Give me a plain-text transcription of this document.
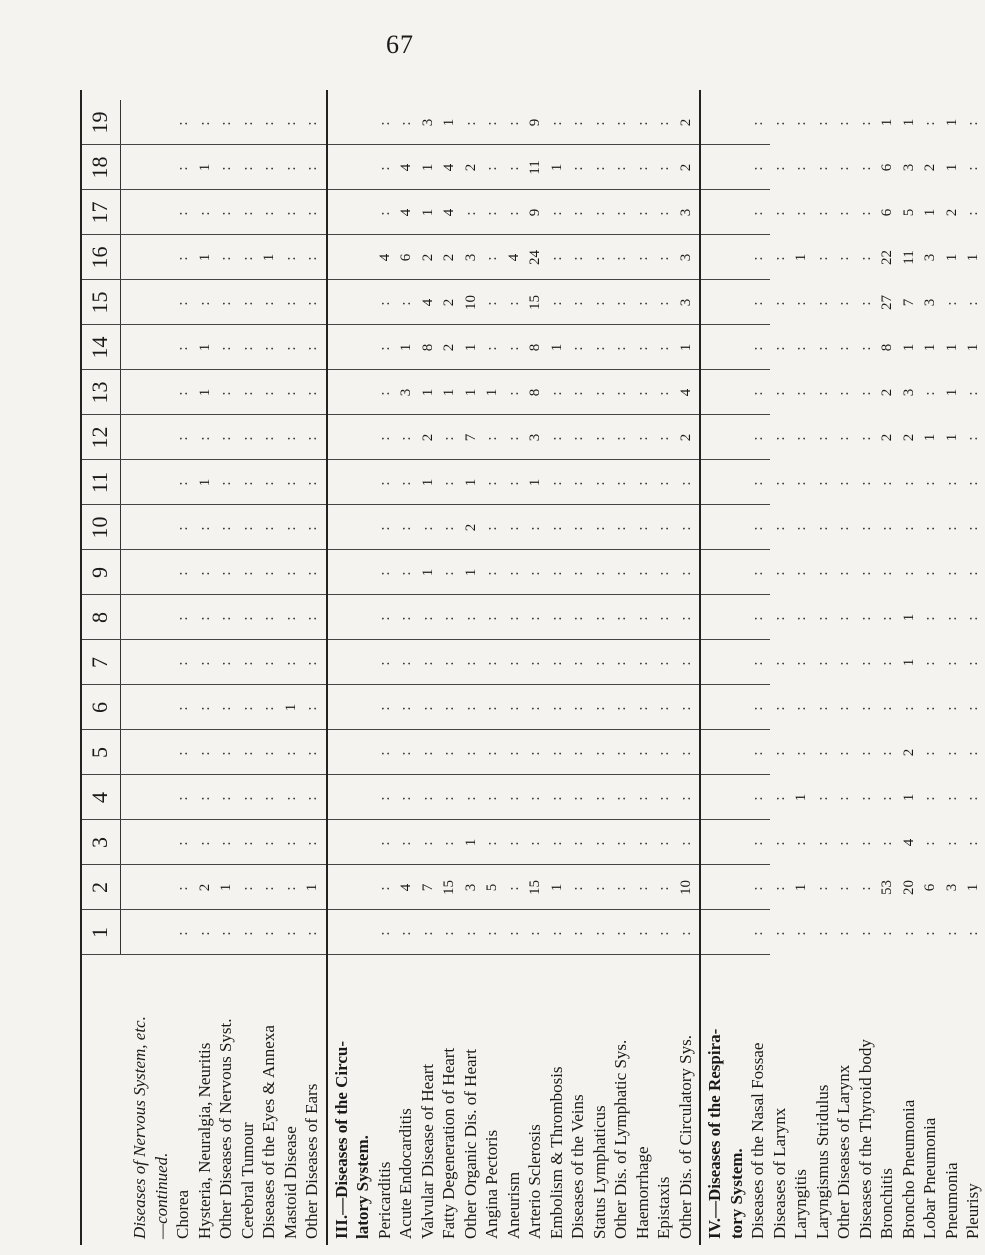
67
1
2
3
4
5
6
7
8
9
10
11
12
13
14
15
16
17
18
19
Diseases of Nervous System, etc. —continued. Chorea
:
:
:
:
:
:
:
:
:
:
:
:
:
:
:
:
:
:
:
Hysteria, Neuralgia, Neuritis
:
2
:
:
:
:
:
:
:
:
1
:
1
1
:
1
:
1
:
Other Diseases of Nervous Syst.
:
1
:
:
:
:
:
:
:
:
:
:
:
:
:
:
:
:
:
Cerebral Tumour
:
:
:
:
:
:
:
:
:
:
:
:
:
:
:
:
:
:
:
Diseases of the Eyes & Annexa
:
:
:
:
:
:
:
:
:
:
:
:
:
:
:
1
:
:
:
Mastoid Disease
:
:
:
:
:
1
:
:
:
:
:
:
:
:
:
:
:
:
:
Other Diseases of Ears
:
1
:
:
:
:
:
:
:
:
:
:
:
:
:
:
:
:
:
III.—Diseases of the Circu- latory System. Pericarditis
:
:
:
:
:
:
:
:
:
:
:
:
:
:
:
4
:
:
:
Acute Endocarditis
:
4
:
:
:
:
:
:
:
:
:
:
3
1
:
6
4
4
:
Valvular Disease of Heart
:
7
:
:
:
:
:
:
1
:
1
2
1
8
4
2
1
1
3
Fatty Degeneration of Heart
:
15
:
:
:
:
:
:
:
:
:
:
1
2
2
2
4
4
1
Other Organic Dis. of Heart
:
3
1
:
:
:
:
:
1
2
1
7
1
1
10
3
:
2
:
Angina Pectoris
:
5
:
:
:
:
:
:
:
:
:
:
1
:
:
:
:
:
:
Aneurism
:
:
:
:
:
:
:
:
:
:
:
:
:
:
:
4
:
:
:
Arterio Sclerosis
:
15
:
:
:
:
:
:
:
:
1
3
8
8
15
24
9
11
9
Embolism & Thrombosis
:
1
:
:
:
:
:
:
:
:
:
:
:
1
:
:
:
1
:
Diseases of the Veins
:
:
:
:
:
:
:
:
:
:
:
:
:
:
:
:
:
:
:
Status Lymphaticus
:
:
:
:
:
:
:
:
:
:
:
:
:
:
:
:
:
:
:
Other Dis. of Lymphatic Sys.
:
:
:
:
:
:
:
:
:
:
:
:
:
:
:
:
:
:
:
Haemorrhage
:
:
:
:
:
:
:
:
:
:
:
:
:
:
:
:
:
:
:
Epistaxis
:
:
:
:
:
:
:
:
:
:
:
:
:
:
:
:
:
:
:
Other Dis. of Circulatory Sys.
:
10
:
:
:
:
:
:
:
:
:
2
4
1
3
3
3
2
2
IV.—Diseases of the Respira- tory System. Diseases of the Nasal Fossae
:
:
:
:
:
:
:
:
:
:
:
:
:
:
:
:
:
:
:
Diseases of Larynx
:
:
:
:
:
:
:
:
:
:
:
:
:
:
:
:
:
:
:
Laryngitis
:
1
:
1
:
:
:
:
:
:
:
:
:
:
:
1
:
:
:
Laryngismus Stridulus
:
:
:
:
:
:
:
:
:
:
:
:
:
:
:
:
:
:
:
Other Diseases of Larynx
:
:
:
:
:
:
:
:
:
:
:
:
:
:
:
:
:
:
:
Diseases of the Thyroid body
:
:
:
:
:
:
:
:
:
:
:
:
:
:
:
:
:
:
:
Bronchitis
:
53
:
:
:
:
:
:
:
:
:
2
2
8
27
22
6
6
1
Broncho Pneumonia
:
20
4
1
2
:
1
1
:
:
:
2
3
1
7
11
5
3
1
Lobar Pneumonia
:
6
:
:
:
:
:
:
:
:
:
1
:
1
3
3
1
2
:
Pneumonia
:
3
:
:
:
:
:
:
:
:
:
1
1
1
:
1
2
1
1
Pleurisy
:
1
:
:
:
:
:
:
:
:
:
:
:
1
:
1
:
:
:
